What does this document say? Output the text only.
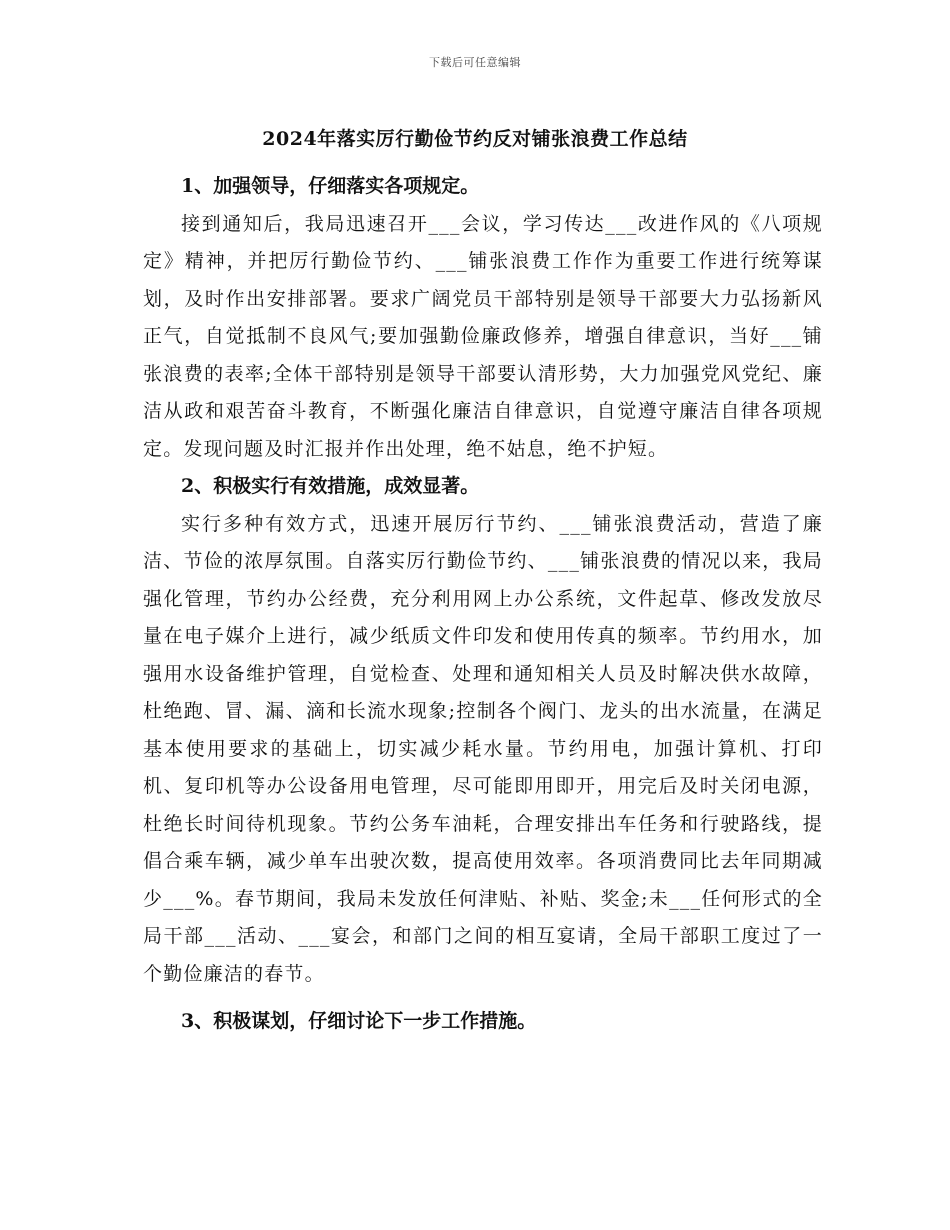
下载后可任意编辑
2024年落实厉行勤俭节约反对铺张浪费工作总结

1、加强领导，仔细落实各项规定。

接到通知后，我局迅速召开___会议，学习传达___改进作风的《八项规定》精神，并把厉行勤俭节约、___铺张浪费工作作为重要工作进行统筹谋划，及时作出安排部署。要求广阔党员干部特别是领导干部要大力弘扬新风正气，自觉抵制不良风气;要加强勤俭廉政修养，增强自律意识，当好___铺张浪费的表率;全体干部特别是领导干部要认清形势，大力加强党风党纪、廉洁从政和艰苦奋斗教育，不断强化廉洁自律意识，自觉遵守廉洁自律各项规定。发现问题及时汇报并作出处理，绝不姑息，绝不护短。

2、积极实行有效措施，成效显著。

实行多种有效方式，迅速开展厉行节约、___铺张浪费活动，营造了廉洁、节俭的浓厚氛围。自落实厉行勤俭节约、___铺张浪费的情况以来，我局强化管理，节约办公经费，充分利用网上办公系统，文件起草、修改发放尽量在电子媒介上进行，减少纸质文件印发和使用传真的频率。节约用水，加强用水设备维护管理，自觉检查、处理和通知相关人员及时解决供水故障，杜绝跑、冒、漏、滴和长流水现象;控制各个阀门、龙头的出水流量，在满足基本使用要求的基础上，切实减少耗水量。节约用电，加强计算机、打印机、复印机等办公设备用电管理，尽可能即用即开，用完后及时关闭电源，杜绝长时间待机现象。节约公务车油耗，合理安排出车任务和行驶路线，提倡合乘车辆，减少单车出驶次数，提高使用效率。各项消费同比去年同期减少___%。春节期间，我局未发放任何津贴、补贴、奖金;未___任何形式的全局干部___活动、___宴会，和部门之间的相互宴请，全局干部职工度过了一个勤俭廉洁的春节。

3、积极谋划，仔细讨论下一步工作措施。
